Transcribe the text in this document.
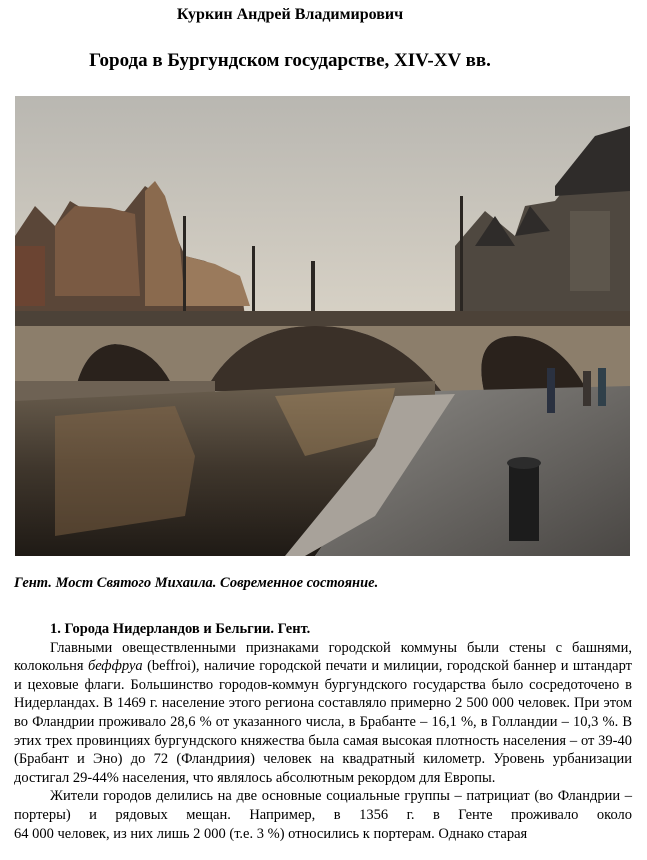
Куркин Андрей Владимирович
Города в Бургундском государстве, XIV-XV вв.
Гент. Мост Святого Михаила. Современное состояние.

1. Города Нидерландов и Бельгии. Гент.

Главными овеществленными признаками городской коммуны были стены с башнями, колокольня беффруа (beffroi), наличие городской печати и милиции, городской баннер и штандарт и цеховые флаги. Большинство городов-коммун бургундского государства было сосредоточено в Нидерландах. В 1469 г. население этого региона составляло примерно 2 500 000 человек. При этом во Фландрии проживало 28,6 % от указанного числа, в Брабанте – 16,1 %, в Голландии – 10,3 %. В этих трех провинциях бургундского княжества была самая высокая плотность населения – от 39-40 (Брабант и Эно) до 72 (Фландриия) человек на квадратный километр. Уровень урбанизации достигал 29-44% населения, что являлось абсолютным рекордом для Европы.

Жители городов делились на две основные социальные группы – патрициат (во Фландрии – портеры) и рядовых мещан. Например, в 1356 г. в Генте проживало около

64 000 человек, из них лишь 2 000 (т.е. 3 %) относились к портерам. Однако старая
